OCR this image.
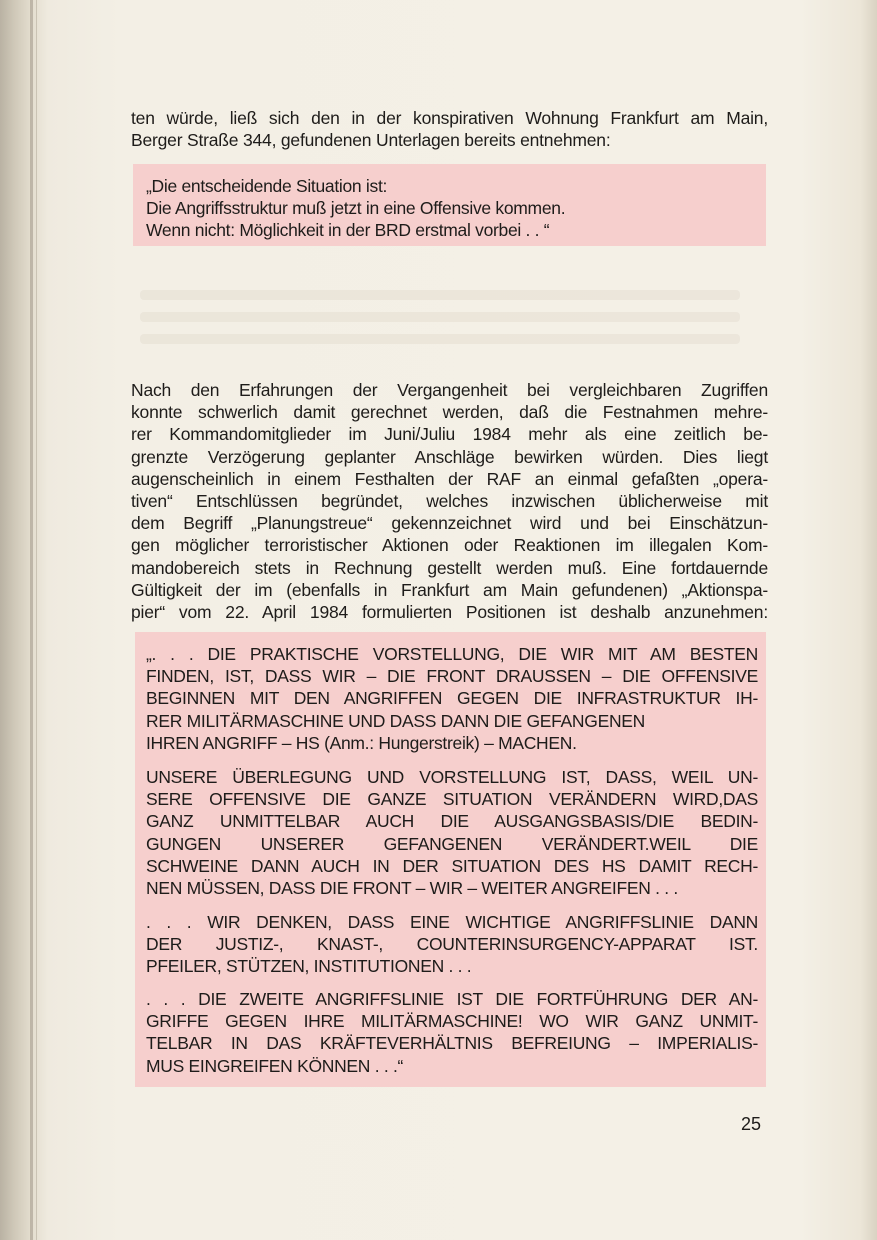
ten würde, ließ sich den in der konspirativen Wohnung Frankfurt am Main,
Berger Straße 344, gefundenen Unterlagen bereits entnehmen:
„Die entscheidende Situation ist:
Die Angriffsstruktur muß jetzt in eine Offensive kommen.
Wenn nicht: Möglichkeit in der BRD erstmal vorbei . . “
Nach den Erfahrungen der Vergangenheit bei vergleichbaren Zugriffen
konnte schwerlich damit gerechnet werden, daß die Festnahmen mehre-
rer Kommandomitglieder im Juni/Juliu 1984 mehr als eine zeitlich be-
grenzte Verzögerung geplanter Anschläge bewirken würden. Dies liegt
augenscheinlich in einem Festhalten der RAF an einmal gefaßten „opera-
tiven“ Entschlüssen begründet, welches inzwischen üblicherweise mit
dem Begriff „Planungstreue“ gekennzeichnet wird und bei Einschätzun-
gen möglicher terroristischer Aktionen oder Reaktionen im illegalen Kom-
mandobereich stets in Rechnung gestellt werden muß. Eine fortdauernde
Gültigkeit der im (ebenfalls in Frankfurt am Main gefundenen) „Aktionspa-
pier“ vom 22. April 1984 formulierten Positionen ist deshalb anzunehmen:
„. . . DIE PRAKTISCHE VORSTELLUNG, DIE WIR MIT AM BESTEN
FINDEN, IST, DASS WIR – DIE FRONT DRAUSSEN – DIE OFFENSIVE
BEGINNEN MIT DEN ANGRIFFEN GEGEN DIE INFRASTRUKTUR IH-
RER MILITÄRMASCHINE UND DASS DANN DIE GEFANGENEN
IHREN ANGRIFF – HS (Anm.: Hungerstreik) – MACHEN.
UNSERE ÜBERLEGUNG UND VORSTELLUNG IST, DASS, WEIL UN-
SERE OFFENSIVE DIE GANZE SITUATION VERÄNDERN WIRD,DAS
GANZ UNMITTELBAR AUCH DIE AUSGANGSBASIS/DIE BEDIN-
GUNGEN UNSERER GEFANGENEN VERÄNDERT.WEIL DIE
SCHWEINE DANN AUCH IN DER SITUATION DES HS DAMIT RECH-
NEN MÜSSEN, DASS DIE FRONT – WIR – WEITER ANGREIFEN . . .
. . . WIR DENKEN, DASS EINE WICHTIGE ANGRIFFSLINIE DANN
DER JUSTIZ-, KNAST-, COUNTERINSURGENCY-APPARAT IST.
PFEILER, STÜTZEN, INSTITUTIONEN . . .
. . . DIE ZWEITE ANGRIFFSLINIE IST DIE FORTFÜHRUNG DER AN-
GRIFFE GEGEN IHRE MILITÄRMASCHINE! WO WIR GANZ UNMIT-
TELBAR IN DAS KRÄFTEVERHÄLTNIS BEFREIUNG – IMPERIALIS-
MUS EINGREIFEN KÖNNEN . . .“
25
